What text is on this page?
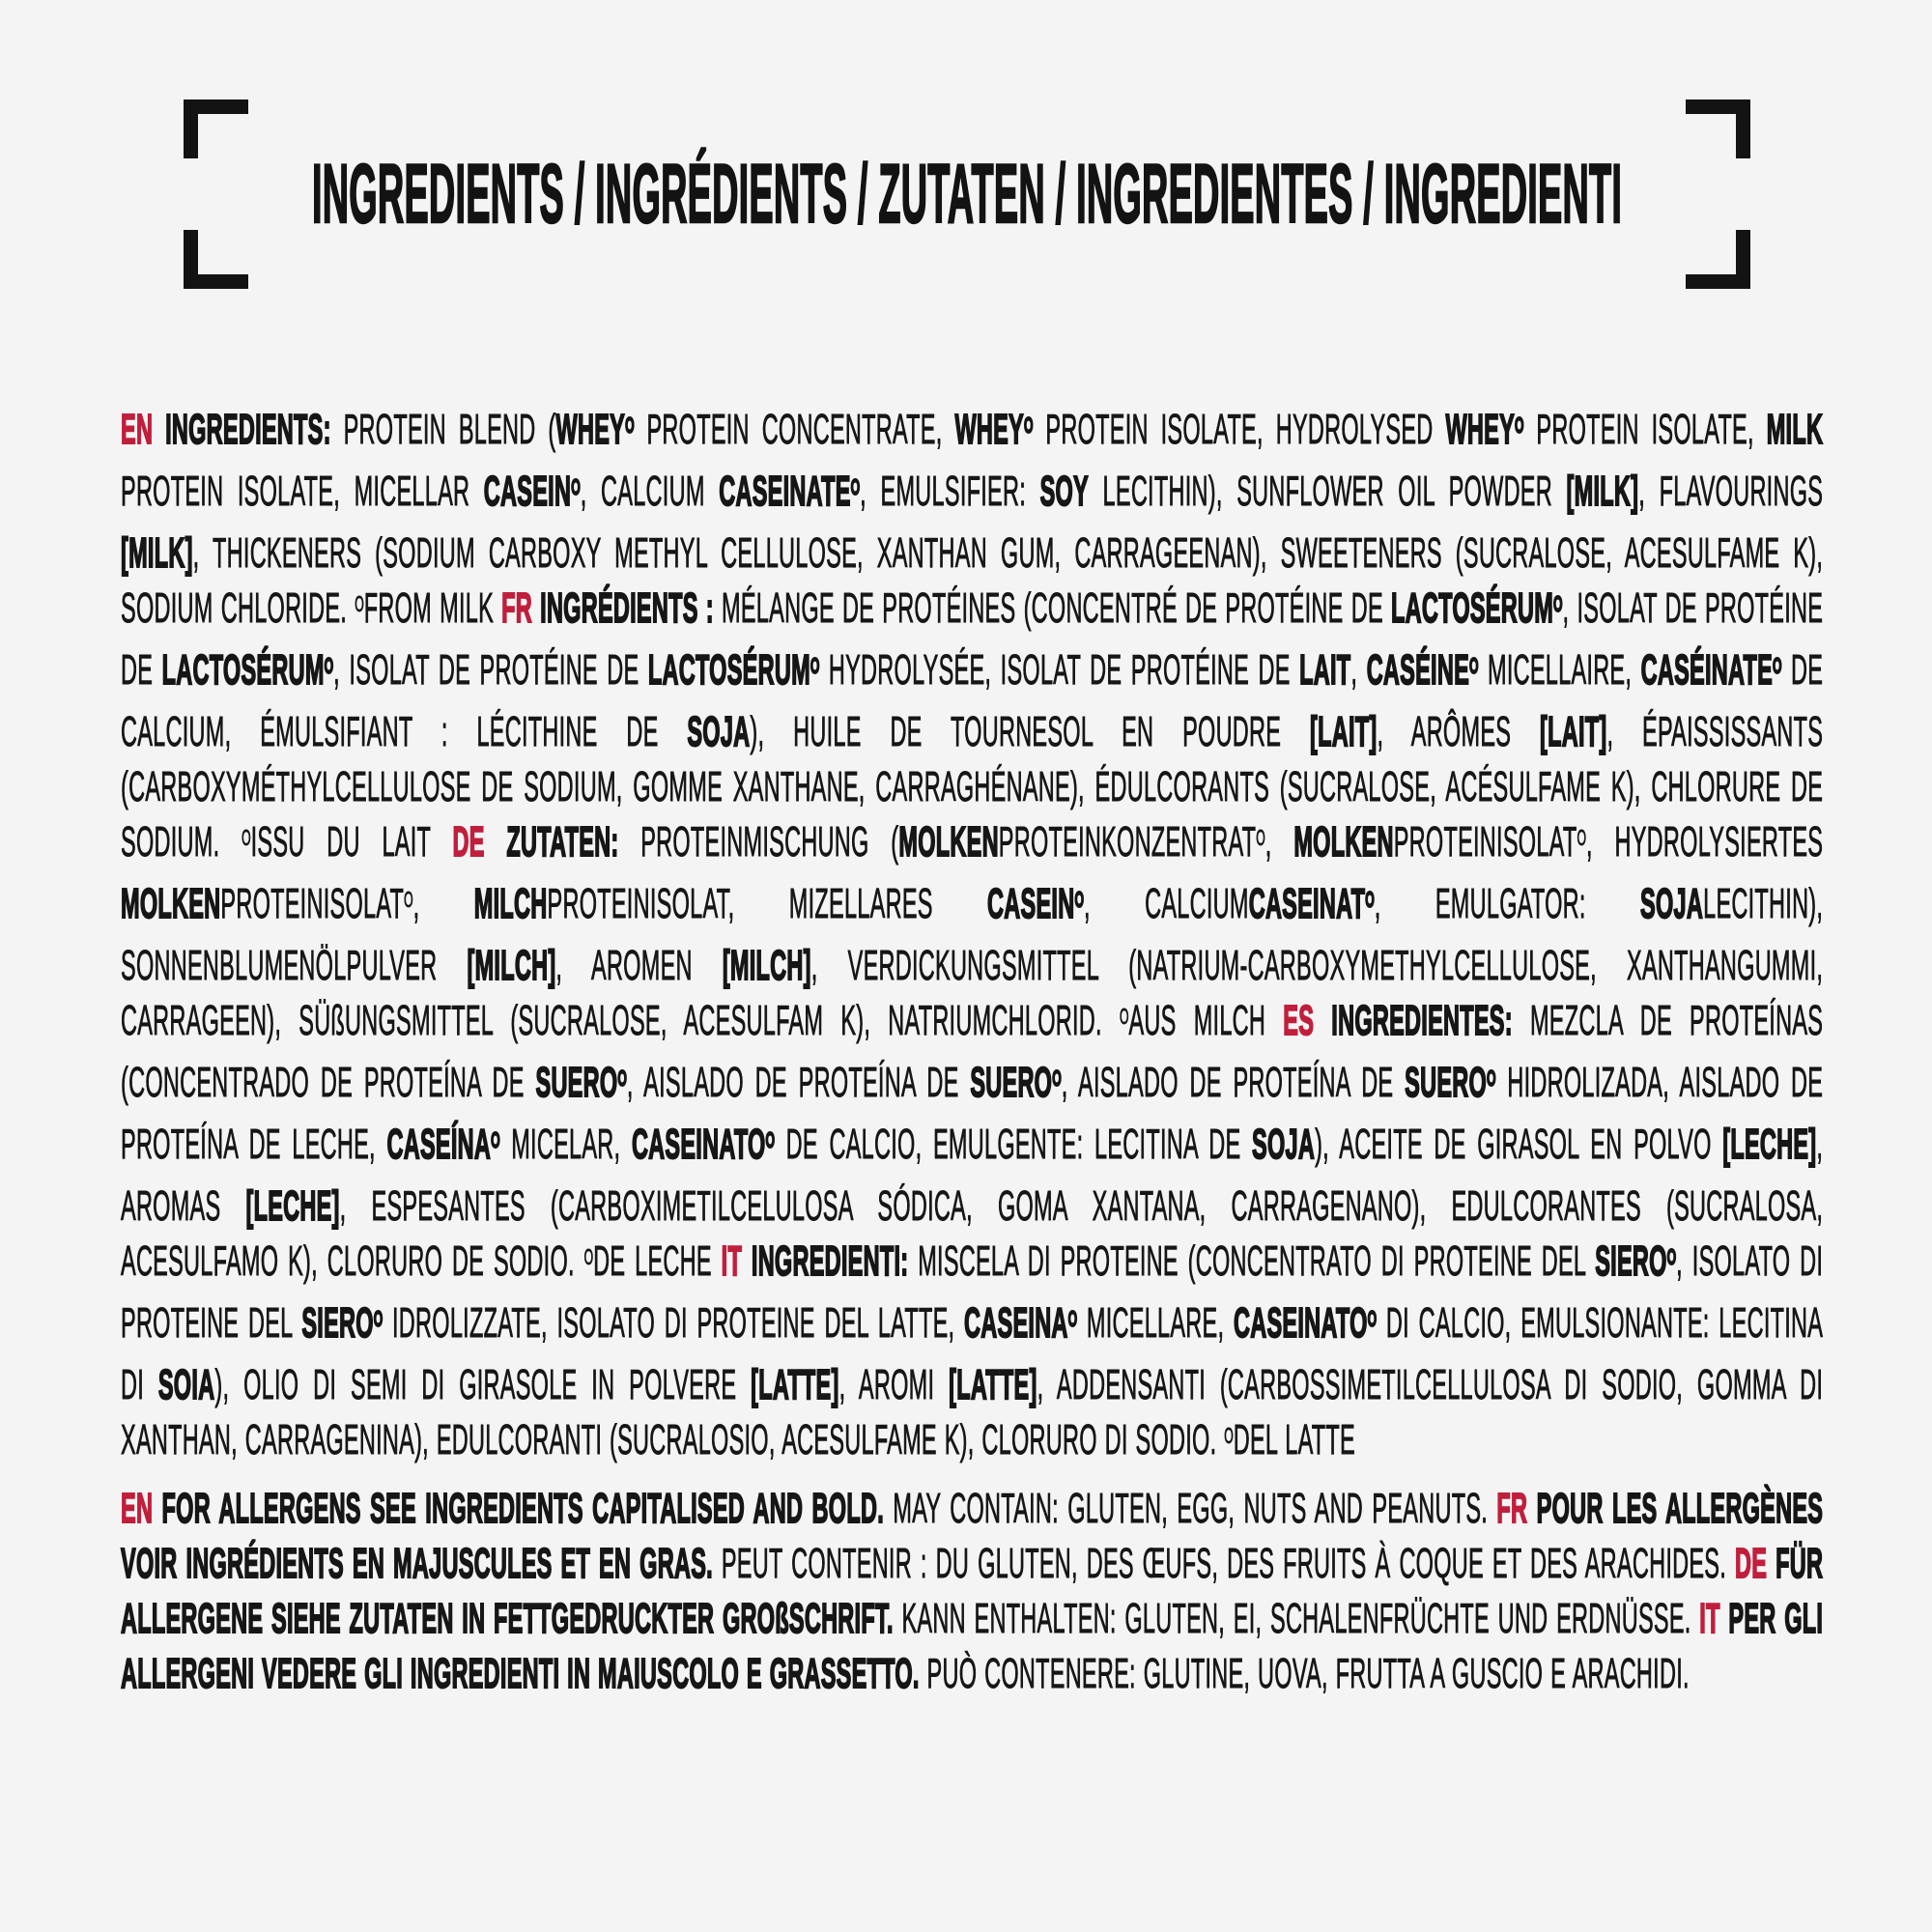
INGREDIENTS / INGRÉDIENTS / ZUTATEN / INGREDIENTES / INGREDIENTI

EN INGREDIENTS: PROTEIN BLEND ($WHEY^O$ PROTEIN CONCENTRATE, $WHEY^O$ PROTEIN ISOLATE, HYDROLYSED $WHEY^O$ PROTEIN ISOLATE, MILK PROTEIN ISOLATE, MICELLAR $CASEIN^O$, CALCIUM $CASEINATE^O$, EMULSIFIER: SOY LECITHIN), SUNFLOWER OIL POWDER [MILK], FLAVOURINGS [MILK], THICKENERS (SODIUM CARBOXY METHYL CELLULOSE, XANTHAN GUM, CARRAGEENAN), SWEETENERS (SUCRALOSE, ACESULFAME K), SODIUM CHLORIDE. $^O$FROM MILK FR INGRÉDIENTS : MÉLANGE DE PROTÉINES (CONCENTRÉ DE PROTÉINE DE $LACTOSÉRUM^O$, ISOLAT DE PROTÉINE DE $LACTOSÉRUM^O$, ISOLAT DE PROTÉINE DE $LACTOSÉRUM^O$ HYDROLYSÉE, ISOLAT DE PROTÉINE DE LAIT, $CASÉINE^O$ MICELLAIRE, $CASÉINATE^O$ DE CALCIUM, ÉMULSIFIANT : LÉCITHINE DE SOJA), HUILE DE TOURNESOL EN POUDRE [LAIT], ARÔMES [LAIT], ÉPAISSISSANTS (CARBOXYMÉTHYLCELLULOSE DE SODIUM, GOMME XANTHANE, CARRAGHÉNANE), ÉDULCORANTS (SUCRALOSE, ACÉSULFAME K), CHLORURE DE SODIUM. $^O$ISSU DU LAIT DE ZUTATEN: PROTEINMISCHUNG ($MOLKENPROTEINKONZENTRAT^O$, $MOLKENPROTEINISOLAT^O$, HYDROLYSIERTES $MOLKENPROTEINISOLAT^O$, MILCHPROTEINISOLAT, MIZELLARES $CASEIN^O$, $CALCIUMCASEINAT^O$, EMULGATOR: SOJALECITHIN), SONNENBLUMENÖLPULVER [MILCH], AROMEN [MILCH], VERDICKUNGSMITTEL (NATRIUM-CARBOXYMETHYLCELLULOSE, XANTHANGUMMI, CARRAGEEN), SÜßUNGSMITTEL (SUCRALOSE, ACESULFAM K), NATRIUMCHLORID. $^O$AUS MILCH ES INGREDIENTES: MEZCLA DE PROTEÍNAS (CONCENTRADO DE PROTEÍNA DE $SUERO^O$, AISLADO DE PROTEÍNA DE $SUERO^O$, AISLADO DE PROTEÍNA DE $SUERO^O$ HIDROLIZADA, AISLADO DE PROTEÍNA DE LECHE, $CASEÍNA^O$ MICELAR, $CASEINATO^O$ DE CALCIO, EMULGENTE: LECITINA DE SOJA), ACEITE DE GIRASOL EN POLVO [LECHE], AROMAS [LECHE], ESPESANTES (CARBOXIMETILCELULOSA SÓDICA, GOMA XANTANA, CARRAGENANO), EDULCORANTES (SUCRALOSA, ACESULFAMO K), CLORURO DE SODIO. $^O$DE LECHE IT INGREDIENTI: MISCELA DI PROTEINE (CONCENTRATO DI PROTEINE DEL $SIERO^O$, ISOLATO DI PROTEINE DEL $SIERO^O$ IDROLIZZATE, ISOLATO DI PROTEINE DEL LATTE, $CASEINA^O$ MICELLARE, $CASEINATO^O$ DI CALCIO, EMULSIONANTE: LECITINA DI SOIA), OLIO DI SEMI DI GIRASOLE IN POLVERE [LATTE], AROMI [LATTE], ADDENSANTI (CARBOSSIMETILCELLULOSA DI SODIO, GOMMA DI XANTHAN, CARRAGENINA), EDULCORANTI (SUCRALOSIO, ACESULFAME K), CLORURO DI SODIO. $^O$DEL LATTE

EN FOR ALLERGENS SEE INGREDIENTS CAPITALISED AND BOLD. MAY CONTAIN: GLUTEN, EGG, NUTS AND PEANUTS. FR POUR LES ALLERGÈNES VOIR INGRÉDIENTS EN MAJUSCULES ET EN GRAS. PEUT CONTENIR : DU GLUTEN, DES ŒUFS, DES FRUITS À COQUE ET DES ARACHIDES. DE FÜR ALLERGENE SIEHE ZUTATEN IN FETTGEDRUCKTER GROßSCHRIFT. KANN ENTHALTEN: GLUTEN, EI, SCHALENFRÜCHTE UND ERDNÜSSE. IT PER GLI ALLERGENI VEDERE GLI INGREDIENTI IN MAIUSCOLO E GRASSETTO. PUÒ CONTENERE: GLUTINE, UOVA, FRUTTA A GUSCIO E ARACHIDI.
